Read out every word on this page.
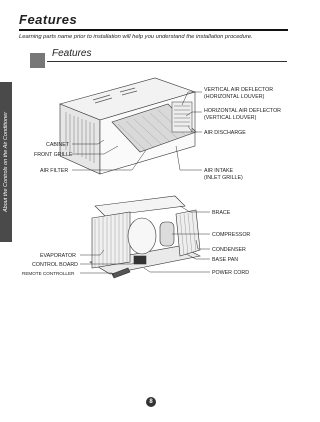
About the Controls on the Air Conditioner
Features
Learning parts name prior to installation will help you understand the installation procedure.
Features
VERTICAL AIR DEFLECTOR
(HORIZONTAL LOUVER)
HORIZONTAL AIR DEFLECTOR
(VERTICAL LOUVER)
AIR DISCHARGE
CABINET
FRONT GRILLE
AIR FILTER	AIR INTAKE
(INLET GRILLE)
BRACE
COMPRESSOR
CONDENSER
BASE PAN
POWER CORD
EVAPORATOR
CONTROL BOARD
REMOTE CONTROLLER
8
